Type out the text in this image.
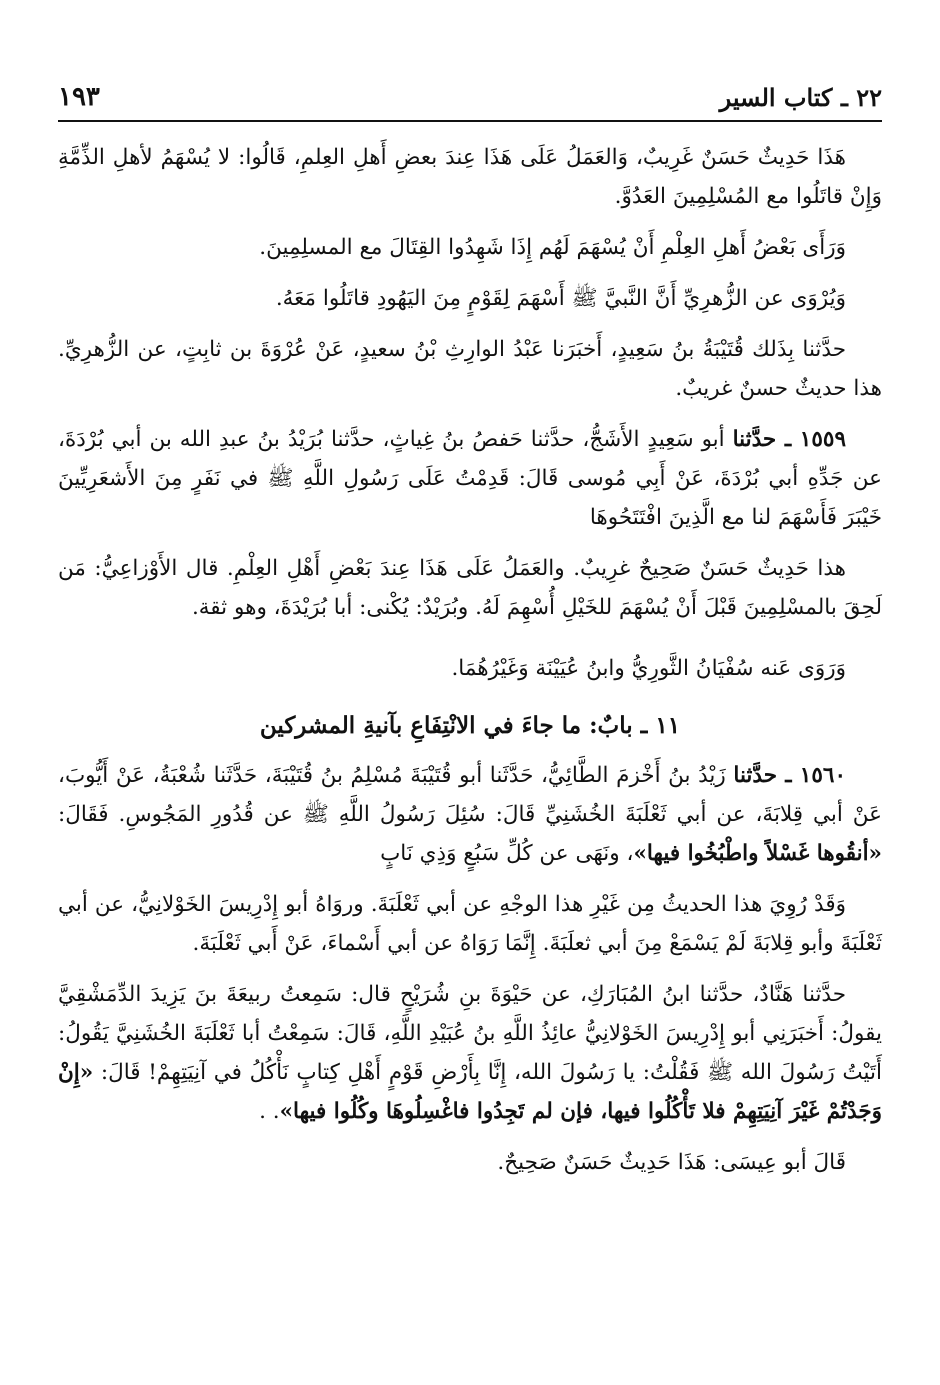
٢٢ ـ كتاب السير
١٩٣

هَذَا حَدِيثٌ حَسَنٌ غَرِيبٌ، وَالعَمَلُ عَلَى هَذَا عِندَ بعضِ أَهلِ العِلمِ، قَالُوا: لا يُسْهَمُ لأهلِ الذِّمَّةِ وَإِنْ قاتَلُوا مع المُسْلِمِينَ العَدُوَّ.

وَرَأَى بَعْضُ أَهلِ العِلْمِ أَنْ يُسْهَمَ لَهُم إِذَا شَهِدُوا القِتَالَ مع المسلِمِينَ.

وَيُرْوَى عن الزُّهرِيِّ أَنَّ النَّبيَّ ﷺ أَسْهَمَ لِقَوْمٍ مِنَ اليَهُودِ قاتَلُوا مَعَهُ.

حدَّثنا بِذَلك قُتَيْبَةُ بنُ سَعِيدٍ، أَخبَرَنا عَبْدُ الوارِثِ بْنُ سعيدٍ، عَنْ عُرْوَةَ بن ثابِتٍ، عن الزُّهرِيِّ. هذا حديثٌ حسنٌ غريبٌ.

١٥٥٩ ـ حدَّثنا أبو سَعِيدٍ الأَشَجُّ، حدَّثنا حَفصُ بنُ غِياثٍ، حدَّثنا بُرَيْدُ بنُ عبدِ الله بن أبي بُرْدَةَ، عن جَدِّهِ أبي بُرْدَةَ، عَنْ أَبِي مُوسى قَالَ: قَدِمْتُ عَلَى رَسُولِ اللَّهِ ﷺ في نَفَرٍ مِنَ الأَشعَرِيِّينَ خَيْبَرَ فَأَسْهَمَ لنا مع الَّذِينَ افْتَتَحُوهَا

هذا حَدِيثٌ حَسَنٌ صَحِيحٌ غرِيبٌ. والعَمَلُ عَلَى هَذَا عِندَ بَعْضِ أَهْلِ العِلْمِ. قال الأَوْزاعِيُّ: مَن لَحِقَ بالمسْلِمِينَ قَبْلَ أَنْ يُسْهَمَ للخَيْلِ أُسْهِمَ لَهُ. وبُرَيْدٌ: يُكْنى: أبا بُرَيْدَةَ، وهو ثقة.

وَرَوَى عَنه سُفْيَانُ الثَّورِيُّ وابنُ عُيَيْنَة وَغَيْرُهُمَا.

١١ ـ بابٌ: ما جاءَ في الانْتِفَاعِ بآنيةِ المشركين

١٥٦٠ ـ حدَّثنا زَيْدُ بنُ أَخْزمَ الطَّائِيُّ، حَدَّثَنا أبو قُتَيْبَةَ مُسْلِمُ بنُ قُتَيْبَةَ، حَدَّثَنا شُعْبَةُ، عَنْ أَيُّوبَ، عَنْ أبي قِلابَةَ، عن أبي ثَعْلَبَةَ الخُشَنِيِّ قَالَ: سُئِلَ رَسُولُ اللَّهِ ﷺ عن قُدُورِ المَجُوسِ. فَقَالَ: «أنقُوها غَسْلاً واطْبُخُوا فيها»، ونَهَى عن كُلِّ سَبُعٍ وَذِي نَابٍ

وَقَدْ رُوِيَ هذا الحديثُ مِن غَيْرِ هذا الوجْهِ عن أبي ثَعْلَبَةَ. وروَاهُ أبو إِدْرِيسَ الخَوْلانِيُّ، عن أبي ثَعْلَبَةَ وأبو قِلابَةَ لَمْ يَسْمَعْ مِنَ أبي ثعلَبَةَ. إِنَّمَا رَوَاهُ عن أبي أَسْماءَ، عَنْ أَبي ثَعْلَبَةَ.

حدَّثنا هَنَّادٌ، حدَّثنا ابنُ المُبَارَكِ، عن حَيْوَةَ بنِ شُرَيْحٍ قال: سَمِعتُ ربيعَةَ بنَ يَزِيدَ الدِّمَشْقِيَّ يقولُ: أَخبَرَنِي أبو إِدْرِيسَ الخَوْلانِيُّ عائِذُ اللَّهِ بنُ عُبَيْدِ اللَّهِ، قَالَ: سَمِعْتُ أبا ثَعْلَبَةَ الخُشَنِيَّ يَقُولُ: أَتَيْتُ رَسُولَ الله ﷺ فَقُلْتُ: يا رَسُولَ الله، إِنَّا بِأَرْضِ قَوْمٍ أَهْلِ كِتابٍ نَأْكُلُ في آنِيَتِهِمْ! قَالَ: «إِنْ وَجَدْتُمْ غَيْرَ آنِيَتِهِمْ فلا تَأْكُلُوا فيها، فإن لم تَجِدُوا فاغْسِلُوهَا وكُلُوا فيها». .

قَالَ أبو عِيسَى: هَذَا حَدِيثٌ حَسَنٌ صَحِيحٌ.
